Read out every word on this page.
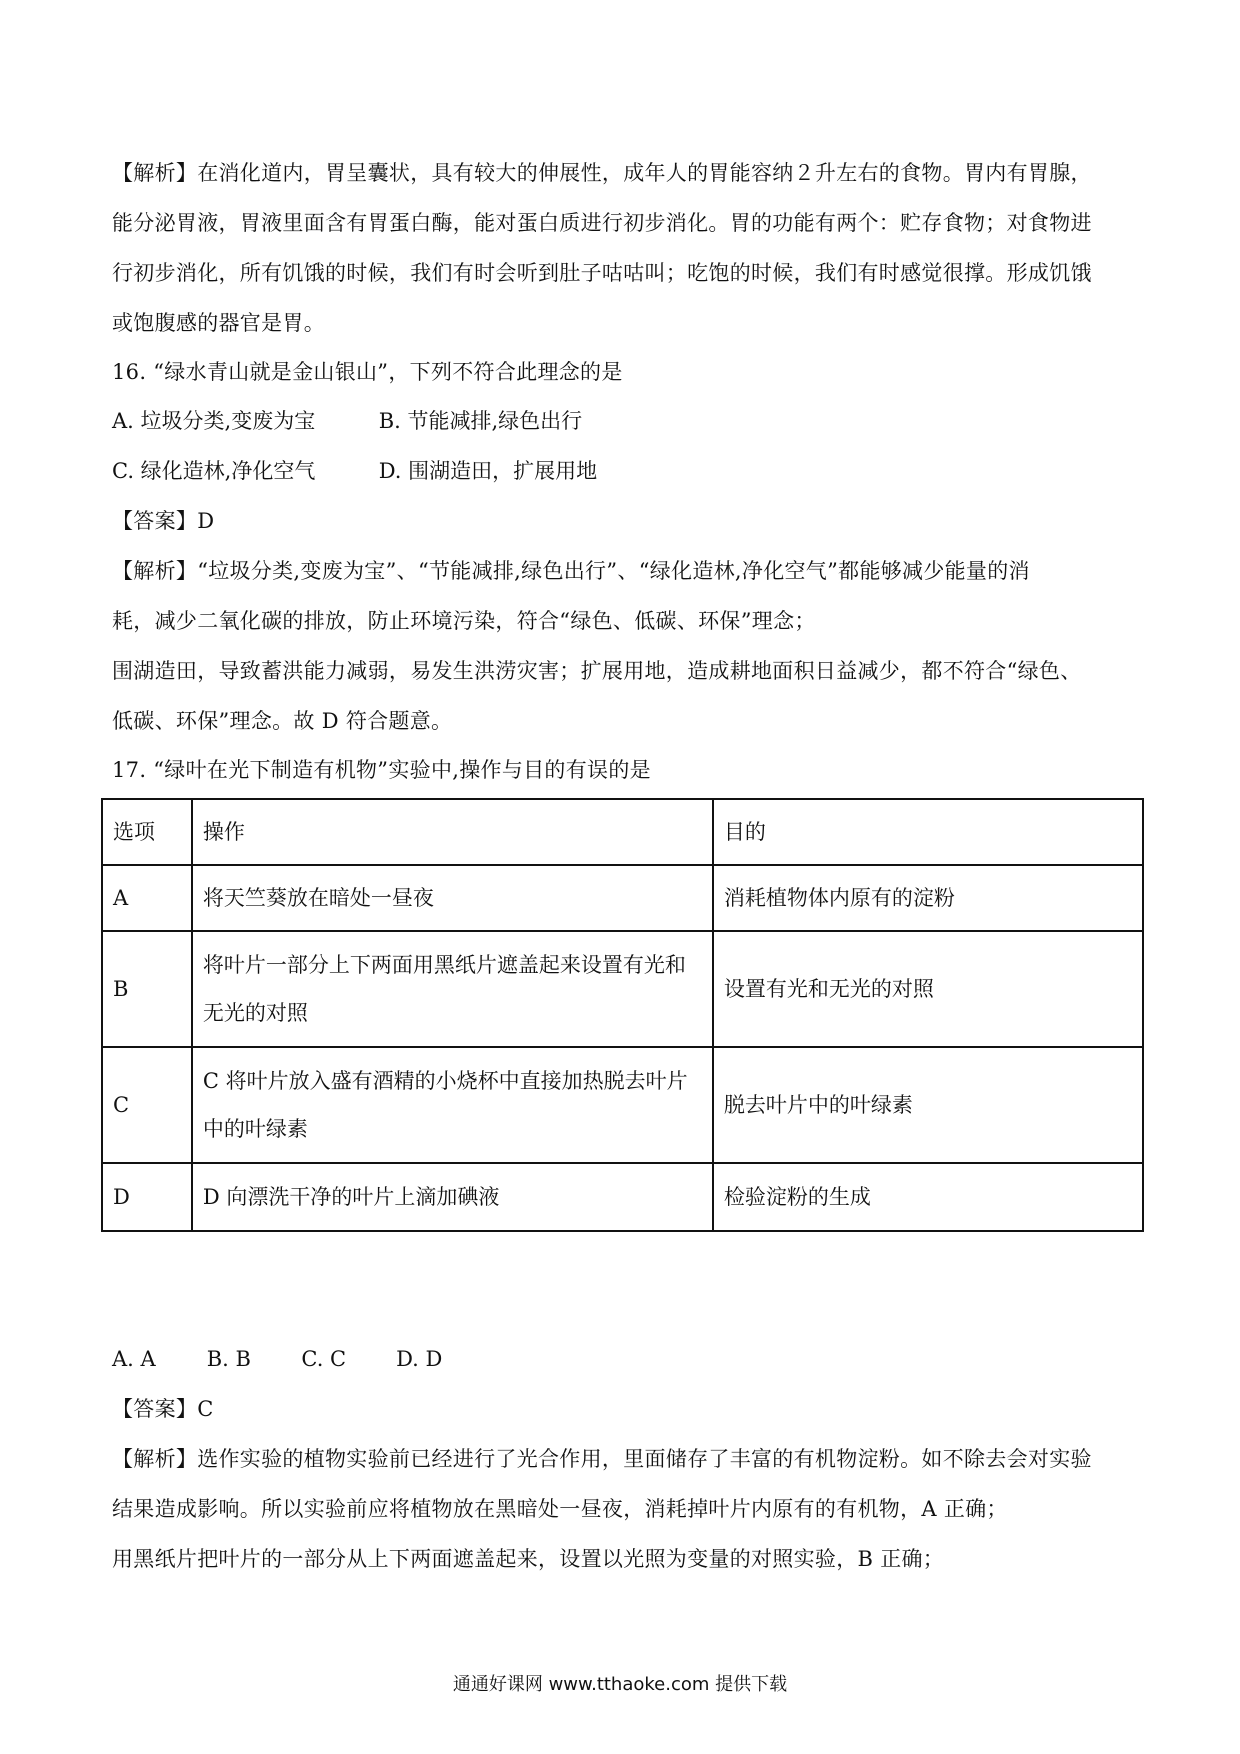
【解析】在消化道内，胃呈囊状，具有较大的伸展性，成年人的胃能容纳２升左右的食物。胃内有胃腺，
能分泌胃液，胃液里面含有胃蛋白酶，能对蛋白质进行初步消化。胃的功能有两个：贮存食物；对食物进
行初步消化，所有饥饿的时候，我们有时会听到肚子咕咕叫；吃饱的时候，我们有时感觉很撑。形成饥饿
或饱腹感的器官是胃。
16. “绿水青山就是金山银山”，下列不符合此理念的是
A. 垃圾分类,变废为宝	B. 节能减排,绿色出行
C. 绿化造林,净化空气	D. 围湖造田，扩展用地
【答案】D
【解析】“垃圾分类,变废为宝”、“节能减排,绿色出行”、“绿化造林,净化空气”都能够减少能量的消
耗，减少二氧化碳的排放，防止环境污染，符合“绿色、低碳、环保”理念；
围湖造田，导致蓄洪能力减弱，易发生洪涝灾害；扩展用地，造成耕地面积日益减少，都不符合“绿色、
低碳、环保”理念。故 D 符合题意。
17. “绿叶在光下制造有机物”实验中,操作与目的有误的是
选项	操作	目的
A	将天竺葵放在暗处一昼夜	消耗植物体内原有的淀粉
B	将叶片一部分上下两面用黑纸片遮盖起来设置有光和无光的对照	设置有光和无光的对照
C	C 将叶片放入盛有酒精的小烧杯中直接加热脱去叶片中的叶绿素	脱去叶片中的叶绿素
D	D 向漂洗干净的叶片上滴加碘液	检验淀粉的生成
A. A B. B C. C D. D
【答案】C
【解析】选作实验的植物实验前已经进行了光合作用，里面储存了丰富的有机物淀粉。如不除去会对实验
结果造成影响。所以实验前应将植物放在黑暗处一昼夜，消耗掉叶片内原有的有机物，A 正确；
用黑纸片把叶片的一部分从上下两面遮盖起来，设置以光照为变量的对照实验，B 正确；
通通好课网 www.tthaoke.com 提供下载
